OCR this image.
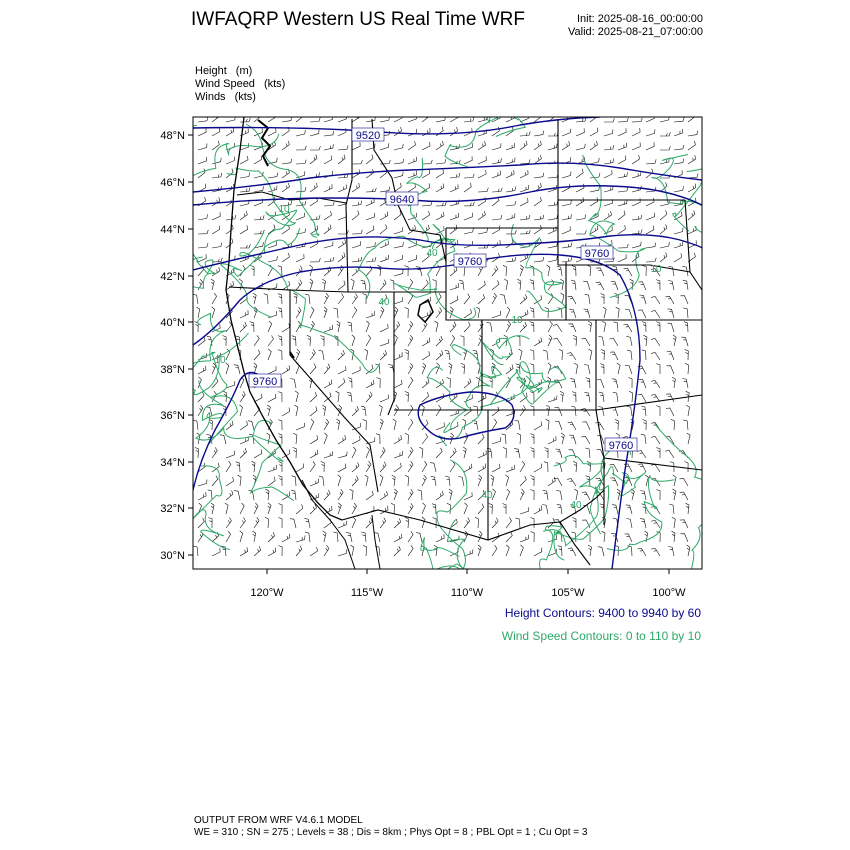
9520
9640
9760
9760
9760
9760
10
40
40
10
10
10
40
40
48°N
46°N
44°N
42°N
40°N
38°N
36°N
34°N
32°N
30°N
120°W	115°W	110°W	105°W	100°W
IWFAQRP Western US Real Time WRF	Init: 2025-08-16_00:00:00
Valid: 2025-08-21_07:00:00
Height (m)
Wind Speed (kts)
Winds (kts)
Height Contours: 9400 to 9940 by 60
Wind Speed Contours: 0 to 110 by 10
OUTPUT FROM WRF V4.6.1 MODEL
WE = 310 ; SN = 275 ; Levels = 38 ; Dis = 8km ; Phys Opt = 8 ; PBL Opt = 1 ; Cu Opt = 3
